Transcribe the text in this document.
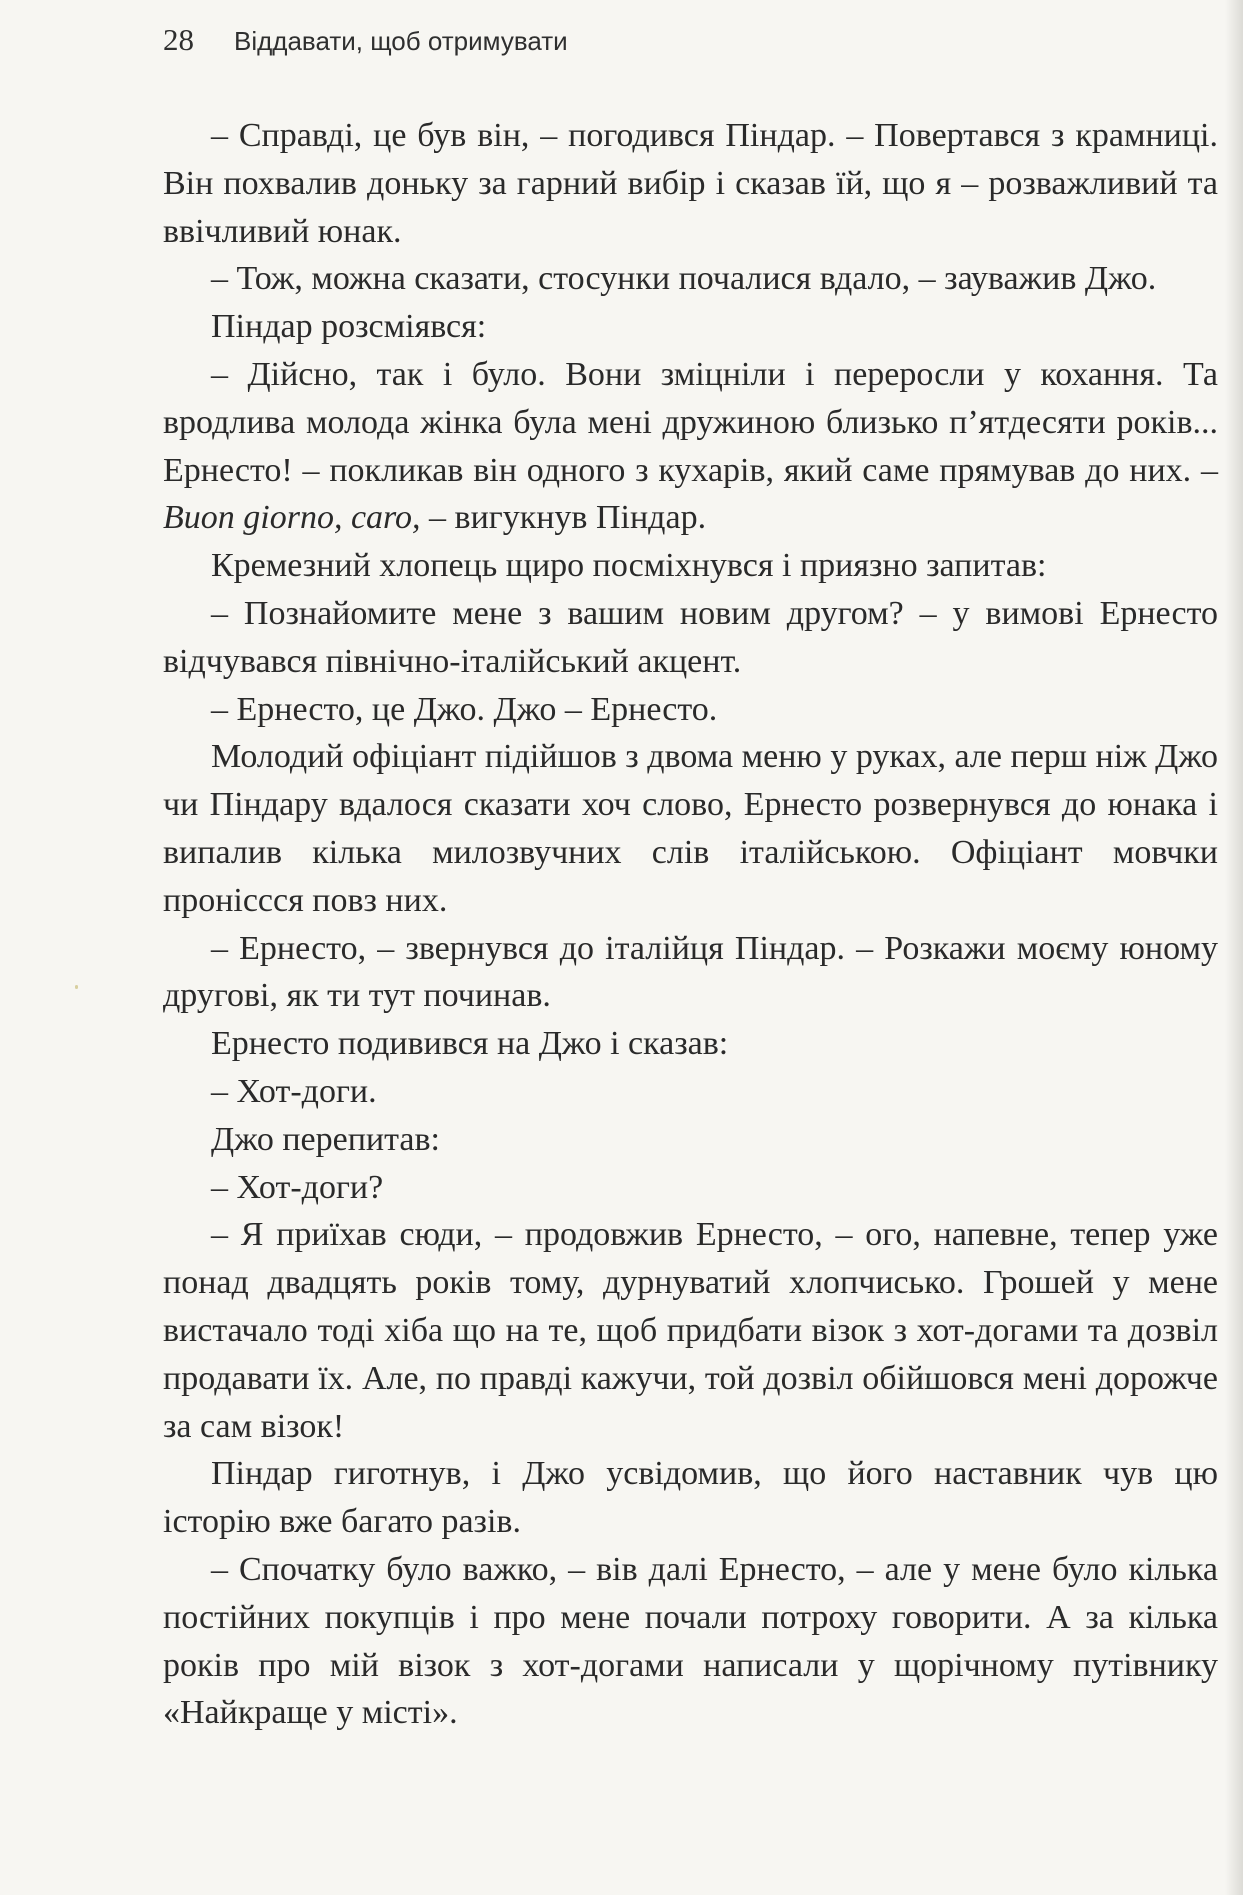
28 Віддавати, щоб отримувати

– Справді, це був він, – погодився Піндар. – Повертався з крамниці. Він похвалив доньку за гарний вибір і сказав їй, що я – розважливий та ввічливий юнак.

– Тож, можна сказати, стосунки почалися вдало, – зауважив Джо.

Піндар розсміявся:

– Дійсно, так і було. Вони зміцніли і переросли у кохання. Та вродлива молода жінка була мені дружиною близько п’ятдесяти років... Ернесто! – покликав він одного з кухарів, який саме прямував до них. – Buon giorno, caro, – вигукнув Піндар.

Кремезний хлопець щиро посміхнувся і приязно запитав:

– Познайомите мене з вашим новим другом? – у вимові Ернесто відчувався північно-італійський акцент.

– Ернесто, це Джо. Джо – Ернесто.

Молодий офіціант підійшов з двома меню у руках, але перш ніж Джо чи Піндару вдалося сказати хоч слово, Ернесто розвернувся до юнака і випалив кілька милозвучних слів італійською. Офіціант мовчки проніссся повз них.

– Ернесто, – звернувся до італійця Піндар. – Розкажи моєму юному другові, як ти тут починав.

Ернесто подивився на Джо і сказав:

– Хот-доги.

Джо перепитав:

– Хот-доги?

– Я приїхав сюди, – продовжив Ернесто, – ого, напевне, тепер уже понад двадцять років тому, дурнуватий хлопчисько. Грошей у мене вистачало тоді хіба що на те, щоб придбати візок з хот-догами та дозвіл продавати їх. Але, по правді кажучи, той дозвіл обійшовся мені дорожче за сам візок!

Піндар гиготнув, і Джо усвідомив, що його наставник чув цю історію вже багато разів.

– Спочатку було важко, – вів далі Ернесто, – але у мене було кілька постійних покупців і про мене почали потроху говорити. А за кілька років про мій візок з хот-догами написали у щорічному путівнику «Найкраще у місті».
